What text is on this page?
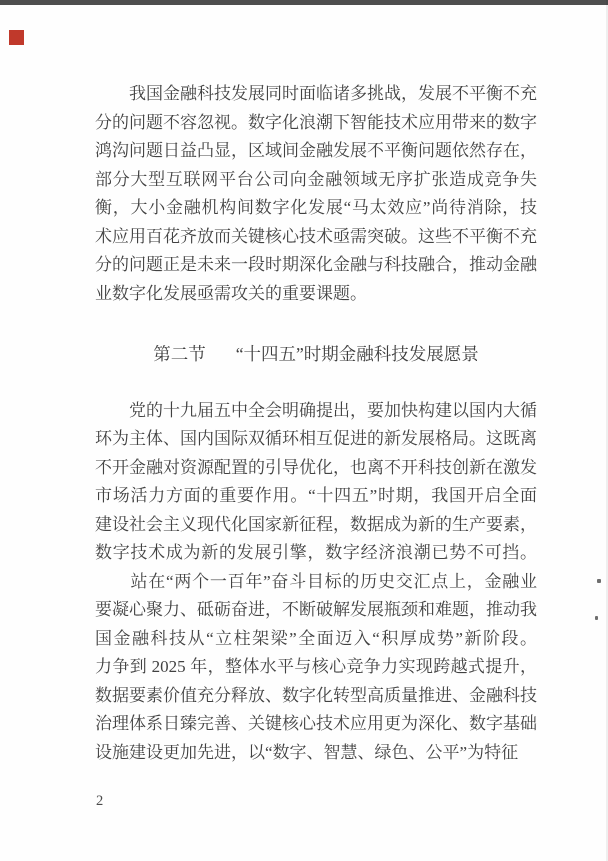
　　我国金融科技发展同时面临诸多挑战，发展不平衡不充
分的问题不容忽视。数字化浪潮下智能技术应用带来的数字
鸿沟问题日益凸显，区域间金融发展不平衡问题依然存在，
部分大型互联网平台公司向金融领域无序扩张造成竞争失
衡，大小金融机构间数字化发展“马太效应”尚待消除，技
术应用百花齐放而关键核心技术亟需突破。这些不平衡不充
分的问题正是未来一段时期深化金融与科技融合，推动金融
业数字化发展亟需攻关的重要课题。
第二节 “十四五”时期金融科技发展愿景
　　党的十九届五中全会明确提出，要加快构建以国内大循
环为主体、国内国际双循环相互促进的新发展格局。这既离
不开金融对资源配置的引导优化，也离不开科技创新在激发
市场活力方面的重要作用。“十四五”时期，我国开启全面
建设社会主义现代化国家新征程，数据成为新的生产要素，
数字技术成为新的发展引擎，数字经济浪潮已势不可挡。
　　站在“两个一百年”奋斗目标的历史交汇点上，金融业
要凝心聚力、砥砺奋进，不断破解发展瓶颈和难题，推动我
国金融科技从“立柱架梁”全面迈入“积厚成势”新阶段。
力争到 2025 年，整体水平与核心竞争力实现跨越式提升，
数据要素价值充分释放、数字化转型高质量推进、金融科技
治理体系日臻完善、关键核心技术应用更为深化、数字基础
设施建设更加先进，以“数字、智慧、绿色、公平”为特征
2
